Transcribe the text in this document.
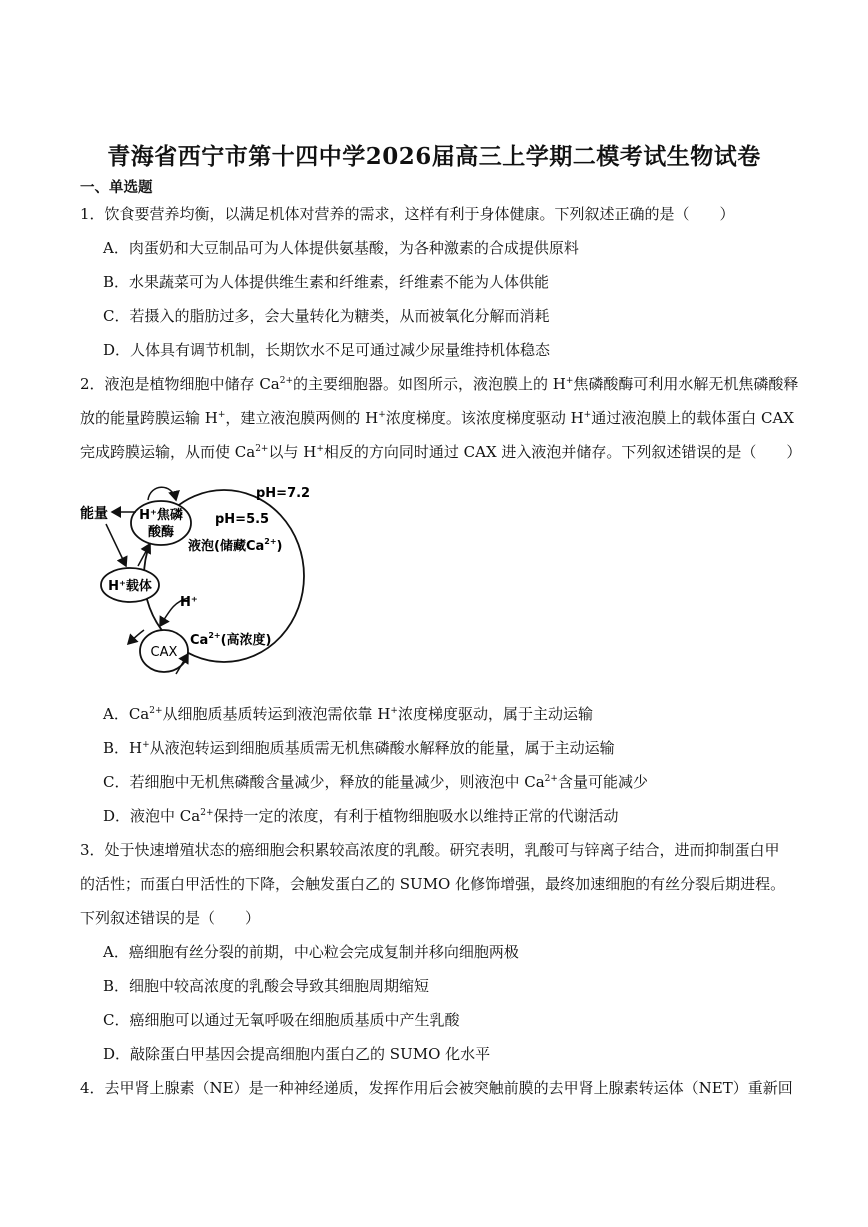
青海省西宁市第十四中学2026届高三上学期二模考试生物试卷
一、单选题
1．饮食要营养均衡，以满足机体对营养的需求，这样有利于身体健康。下列叙述正确的是（　　）
A．肉蛋奶和大豆制品可为人体提供氨基酸，为各种激素的合成提供原料
B．水果蔬菜可为人体提供维生素和纤维素，纤维素不能为人体供能
C．若摄入的脂肪过多，会大量转化为糖类，从而被氧化分解而消耗
D．人体具有调节机制，长期饮水不足可通过减少尿量维持机体稳态
2．液泡是植物细胞中储存 $Ca^{2+}$的主要细胞器。如图所示，液泡膜上的 H+焦磷酸酶可利用水解无机焦磷酸释
放的能量跨膜运输 H+，建立液泡膜两侧的 H+浓度梯度。该浓度梯度驱动 H+通过液泡膜上的载体蛋白 CAX
完成跨膜运输，从而使 $Ca^{2+}$以与 H+相反的方向同时通过 CAX 进入液泡并储存。下列叙述错误的是（　　）
H⁺焦磷
酸酶
H⁺载体
CAX
能量
pH=7.2
pH=5.5
液泡(储藏$Ca^{2+}$)
H⁺
$Ca^{2+}$(高浓度)
A．$Ca^{2+}$从细胞质基质转运到液泡需依靠 H+浓度梯度驱动，属于主动运输
B．H+从液泡转运到细胞质基质需无机焦磷酸水解释放的能量，属于主动运输
C．若细胞中无机焦磷酸含量减少，释放的能量减少，则液泡中 $Ca^{2+}$含量可能减少
D．液泡中 $Ca^{2+}$保持一定的浓度，有利于植物细胞吸水以维持正常的代谢活动
3．处于快速增殖状态的癌细胞会积累较高浓度的乳酸。研究表明，乳酸可与锌离子结合，进而抑制蛋白甲
的活性；而蛋白甲活性的下降，会触发蛋白乙的 SUMO 化修饰增强，最终加速细胞的有丝分裂后期进程。
下列叙述错误的是（　　）
A．癌细胞有丝分裂的前期，中心粒会完成复制并移向细胞两极
B．细胞中较高浓度的乳酸会导致其细胞周期缩短
C．癌细胞可以通过无氧呼吸在细胞质基质中产生乳酸
D．敲除蛋白甲基因会提高细胞内蛋白乙的 SUMO 化水平
4．去甲肾上腺素（NE）是一种神经递质，发挥作用后会被突触前膜的去甲肾上腺素转运体（NET）重新回
